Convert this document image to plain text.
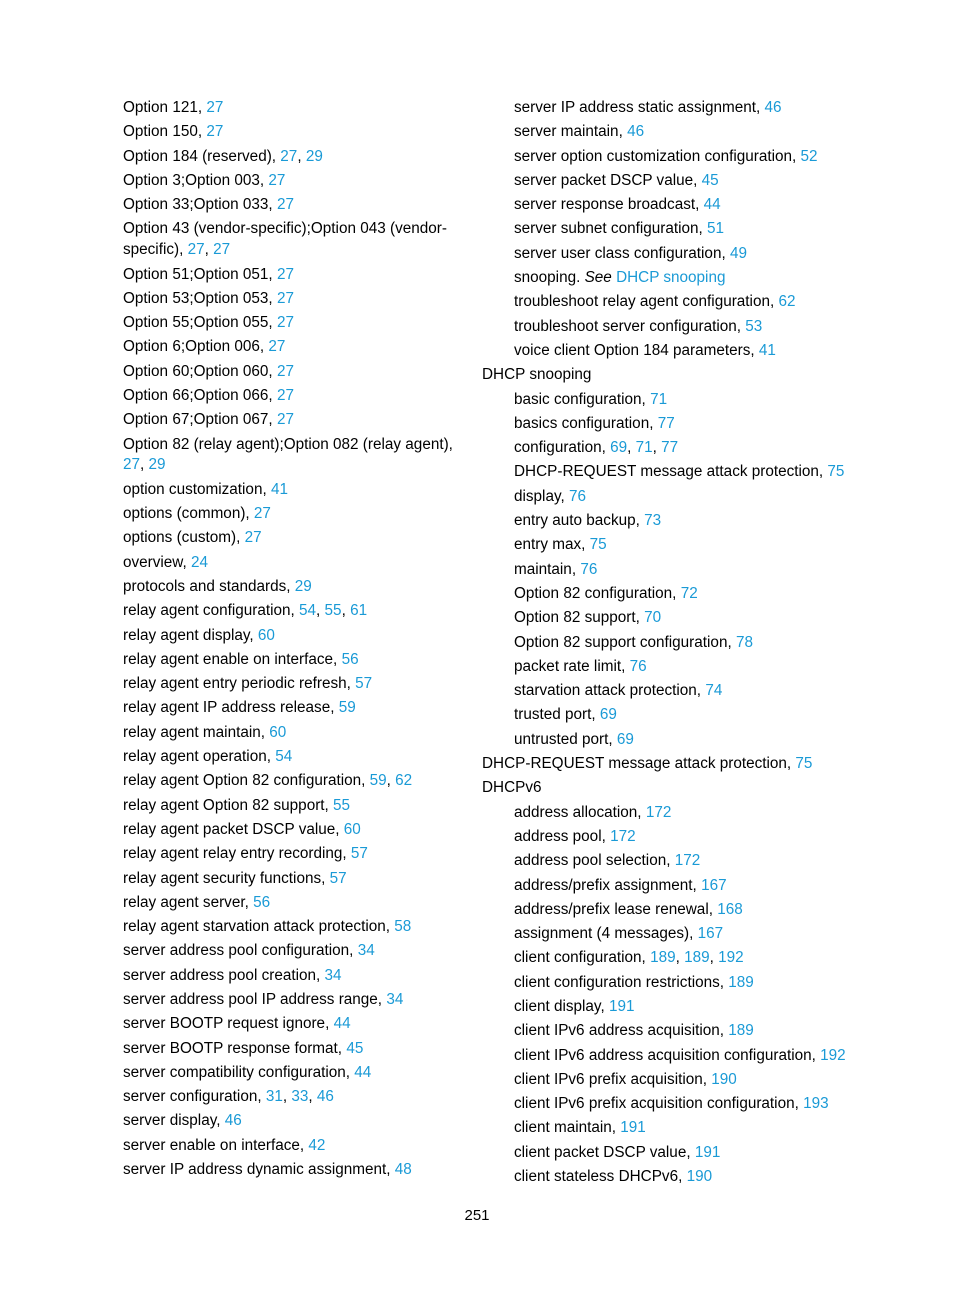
Option 121, 27
Option 150, 27
Option 184 (reserved), 27, 29
Option 3;Option 003, 27
Option 33;Option 033, 27
Option 43 (vendor-specific);Option 043 (vendor-specific), 27, 27
Option 51;Option 051, 27
Option 53;Option 053, 27
Option 55;Option 055, 27
Option 6;Option 006, 27
Option 60;Option 060, 27
Option 66;Option 066, 27
Option 67;Option 067, 27
Option 82 (relay agent);Option 082 (relay agent), 27, 29
option customization, 41
options (common), 27
options (custom), 27
overview, 24
protocols and standards, 29
relay agent configuration, 54, 55, 61
relay agent display, 60
relay agent enable on interface, 56
relay agent entry periodic refresh, 57
relay agent IP address release, 59
relay agent maintain, 60
relay agent operation, 54
relay agent Option 82 configuration, 59, 62
relay agent Option 82 support, 55
relay agent packet DSCP value, 60
relay agent relay entry recording, 57
relay agent security functions, 57
relay agent server, 56
relay agent starvation attack protection, 58
server address pool configuration, 34
server address pool creation, 34
server address pool IP address range, 34
server BOOTP request ignore, 44
server BOOTP response format, 45
server compatibility configuration, 44
server configuration, 31, 33, 46
server display, 46
server enable on interface, 42
server IP address dynamic assignment, 48
server IP address static assignment, 46
server maintain, 46
server option customization configuration, 52
server packet DSCP value, 45
server response broadcast, 44
server subnet configuration, 51
server user class configuration, 49
snooping. See DHCP snooping
troubleshoot relay agent configuration, 62
troubleshoot server configuration, 53
voice client Option 184 parameters, 41
DHCP snooping
basic configuration, 71
basics configuration, 77
configuration, 69, 71, 77
DHCP-REQUEST message attack protection, 75
display, 76
entry auto backup, 73
entry max, 75
maintain, 76
Option 82 configuration, 72
Option 82 support, 70
Option 82 support configuration, 78
packet rate limit, 76
starvation attack protection, 74
trusted port, 69
untrusted port, 69
DHCP-REQUEST message attack protection, 75
DHCPv6
address allocation, 172
address pool, 172
address pool selection, 172
address/prefix assignment, 167
address/prefix lease renewal, 168
assignment (4 messages), 167
client configuration, 189, 189, 192
client configuration restrictions, 189
client display, 191
client IPv6 address acquisition, 189
client IPv6 address acquisition configuration, 192
client IPv6 prefix acquisition, 190
client IPv6 prefix acquisition configuration, 193
client maintain, 191
client packet DSCP value, 191
client stateless DHCPv6, 190
251
